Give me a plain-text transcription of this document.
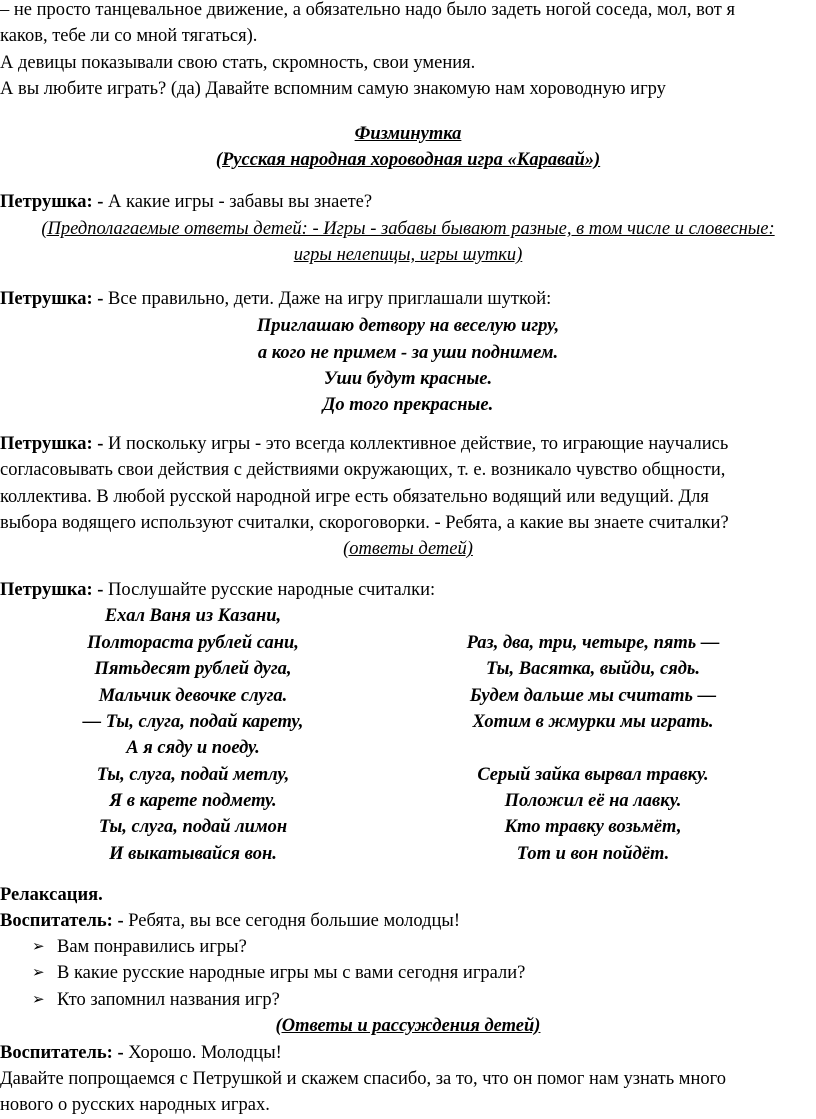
– не просто танцевальное движение, а обязательно надо было задеть ногой соседа, мол, вот я
каков, тебе ли со мной тягаться).
А девицы показывали свою стать, скромность, свои умения.
А вы любите играть? (да) Давайте вспомним самую знакомую нам хороводную игру
Физминутка
(Русская народная хороводная игра «Каравай»)
Петрушка: - А какие игры - забавы вы знаете?
(Предполагаемые ответы детей: - Игры - забавы бывают разные, в том числе и словесные:
игры нелепицы, игры шутки)
Петрушка: - Все правильно, дети. Даже на игру приглашали шуткой:
Приглашаю детвору на веселую игру,
а кого не примем - за уши поднимем.
Уши будут красные.
До того прекрасные.
Петрушка: - И поскольку игры - это всегда коллективное действие, то играющие научались
согласовывать свои действия с действиями окружающих, т. е. возникало чувство общности,
коллектива. В любой русской народной игре есть обязательно водящий или ведущий. Для
выбора водящего используют считалки, скороговорки. - Ребята, а какие вы знаете считалки?
(ответы детей)
Петрушка: - Послушайте русские народные считалки:
Ехал Ваня из Казани,
Полтораста рублей сани,
Пятьдесят рублей дуга,
Мальчик девочке слуга.
— Ты, слуга, подай карету,
А я сяду и поеду.
Ты, слуга, подай метлу,
Я в карете подмету.
Ты, слуга, подай лимон
И выкатывайся вон.
Раз, два, три, четыре, пять —
Ты, Васятка, выйди, сядь.
Будем дальше мы считать —
Хотим в жмурки мы играть.
Серый зайка вырвал травку.
Положил её на лавку.
Кто травку возьмёт,
Тот и вон пойдёт.
Релаксация.
Воспитатель: - Ребята, вы все сегодня большие молодцы!
➢ Вам понравились игры?
➢ В какие русские народные игры мы с вами сегодня играли?
➢ Кто запомнил названия игр?
(Ответы и рассуждения детей)
Воспитатель: - Хорошо. Молодцы!
Давайте попрощаемся с Петрушкой и скажем спасибо, за то, что он помог нам узнать много
нового о русских народных играх.
